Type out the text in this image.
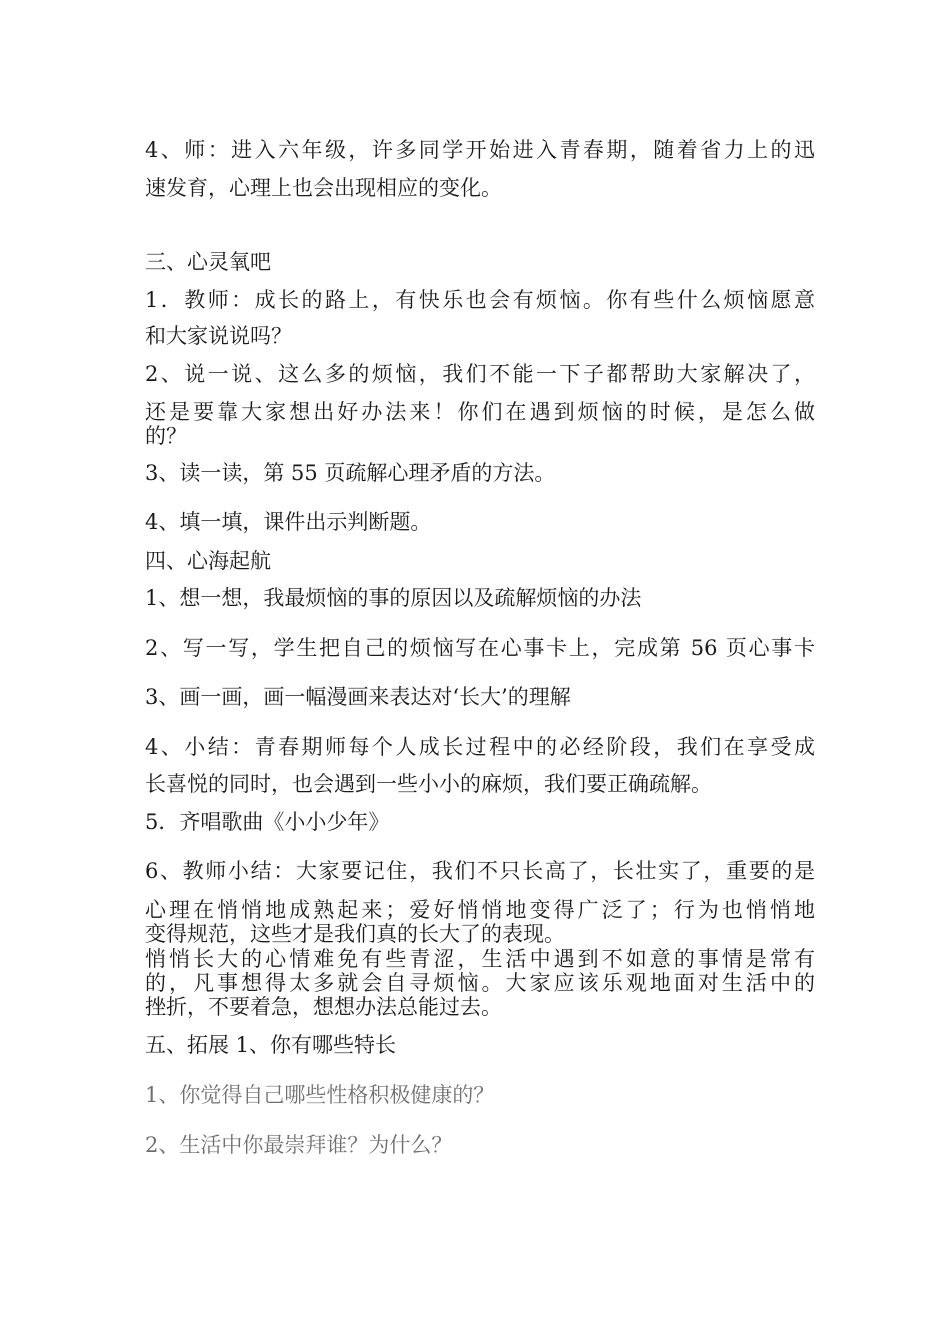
4、师：进入六年级，许多同学开始进入青春期，随着省力上的迅
速发育，心理上也会出现相应的变化。
三、心灵氧吧
1．教师：成长的路上，有快乐也会有烦恼。你有些什么烦恼愿意
和大家说说吗？
2、说一说、这么多的烦恼，我们不能一下子都帮助大家解决了，
还是要靠大家想出好办法来！你们在遇到烦恼的时候，是怎么做
的？
3、读一读，第 55 页疏解心理矛盾的方法。
4、填一填，课件出示判断题。
四、心海起航
1、想一想，我最烦恼的事的原因以及疏解烦恼的办法
2、写一写，学生把自己的烦恼写在心事卡上，完成第 56 页心事卡
3、画一画，画一幅漫画来表达对‘长大’的理解
4、小结：青春期师每个人成长过程中的必经阶段，我们在享受成
长喜悦的同时，也会遇到一些小小的麻烦，我们要正确疏解。
5．齐唱歌曲《小小少年》
6、教师小结：大家要记住，我们不只长高了，长壮实了，重要的是
心理在悄悄地成熟起来；爱好悄悄地变得广泛了；行为也悄悄地
变得规范，这些才是我们真的长大了的表现。
悄悄长大的心情难免有些青涩，生活中遇到不如意的事情是常有
的，凡事想得太多就会自寻烦恼。大家应该乐观地面对生活中的
挫折，不要着急，想想办法总能过去。
五、拓展 1、你有哪些特长
1、你觉得自己哪些性格积极健康的？
2、生活中你最崇拜谁？为什么？
